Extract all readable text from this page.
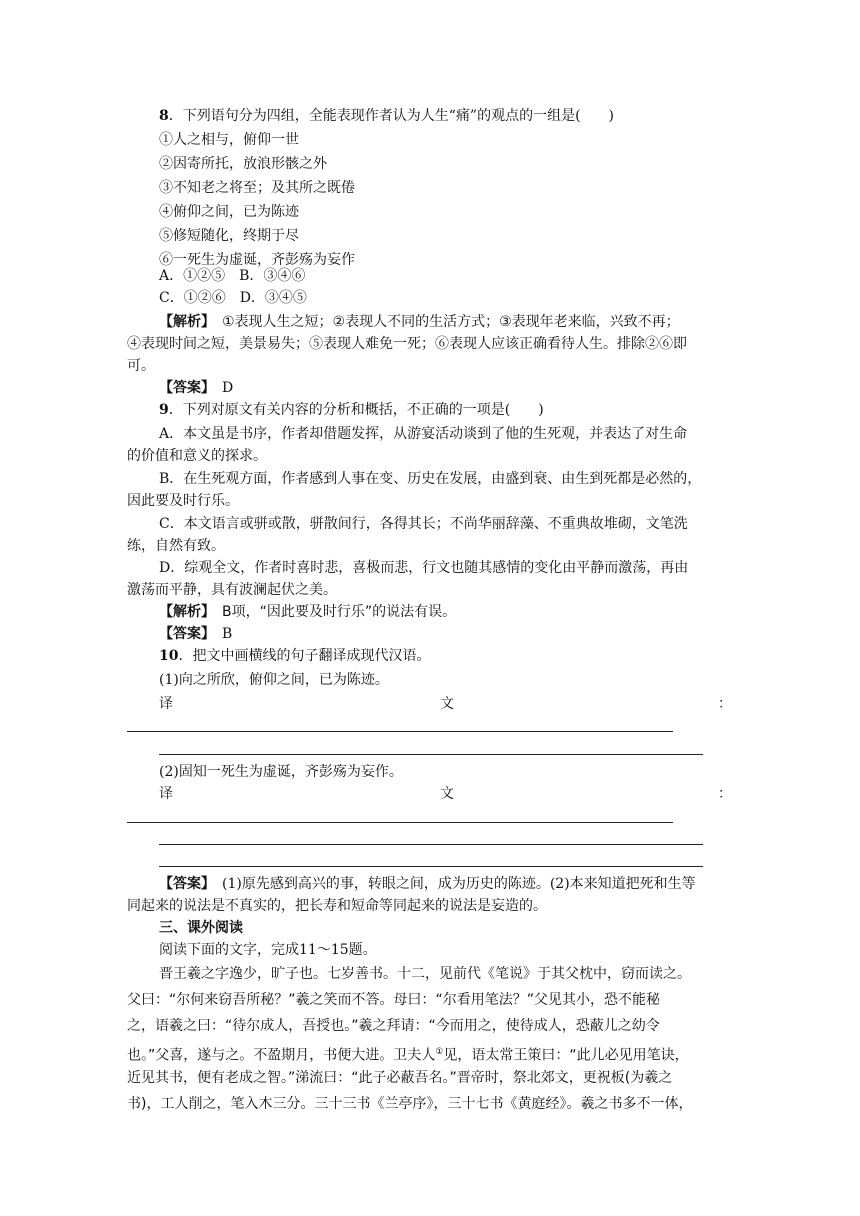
8．下列语句分为四组，全能表现作者认为人生“痛”的观点的一组是(　　)
①人之相与，俯仰一世
②因寄所托，放浪形骸之外
③不知老之将至；及其所之既倦
④俯仰之间，已为陈迹
⑤修短随化，终期于尽
⑥一死生为虚诞，齐彭殇为妄作
A．①②⑤　B．③④⑥
C．①②⑥　D．③④⑤
【解析】　 ①表现人生之短；②表现人不同的生活方式；③表现年老来临，兴致不再；
④表现时间之短，美景易失；⑤表现人难免一死；⑥表现人应该正确看待人生。排除②⑥即
可。
【答案】　 D
9．下列对原文有关内容的分析和概括，不正确的一项是(　　)
A．本文虽是书序，作者却借题发挥，从游宴活动谈到了他的生死观，并表达了对生命
的价值和意义的探求。
B．在生死观方面，作者感到人事在变、历史在发展，由盛到衰、由生到死都是必然的，
因此要及时行乐。
C．本文语言或骈或散，骈散间行，各得其长；不尚华丽辞藻、不重典故堆砌，文笔洗
练，自然有致。
D．综观全文，作者时喜时悲，喜极而悲，行文也随其感情的变化由平静而激荡，再由
激荡而平静，具有波澜起伏之美。
【解析】　 B项，“因此要及时行乐”的说法有误。
【答案】　 B
10．把文中画横线的句子翻译成现代汉语。
(1)向之所欣，俯仰之间，已为陈迹。
译	文	：
(2)固知一死生为虚诞，齐彭殇为妄作。
译	文	：
【答案】　 (1)原先感到高兴的事，转眼之间，成为历史的陈迹。(2)本来知道把死和生等
同起来的说法是不真实的，把长寿和短命等同起来的说法是妄造的。
三、课外阅读
阅读下面的文字，完成11～15题。
晋王羲之字逸少，旷子也。七岁善书。十二，见前代《笔说》于其父枕中，窃而读之。
父曰：“尔何来窃吾所秘？”羲之笑而不答。母曰：“尔看用笔法？”父见其小，恐不能秘
之，语羲之曰：“待尔成人，吾授也。”羲之拜请：“今而用之，使待成人，恐蔽儿之幼令
也。”父喜，遂与之。不盈期月，书便大进。卫夫人①见，语太常王策曰：“此儿必见用笔诀，
近见其书，便有老成之智。”涕流曰：“此子必蔽吾名。”晋帝时，祭北郊文，更祝板(为羲之
书)，工人削之，笔入木三分。三十三书《兰亭序》，三十七书《黄庭经》。羲之书多不一体，
